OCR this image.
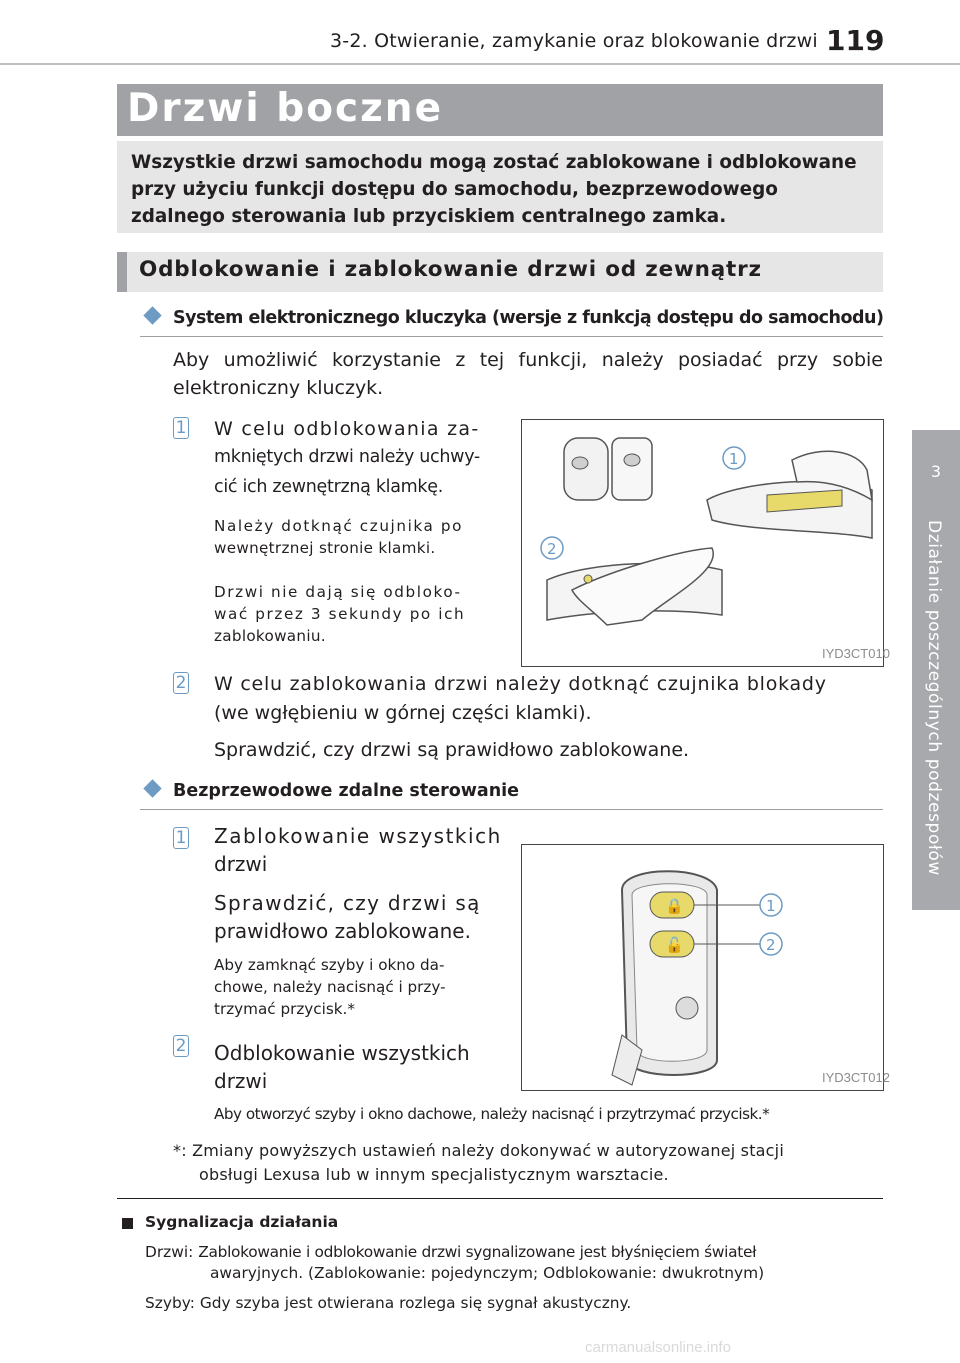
3-2. Otwieranie, zamykanie oraz blokowanie drzwi 119
3
Działanie poszczególnych podzespołów
Drzwi boczne

Wszystkie drzwi samochodu mogą zostać zablokowane i odblokowane przy użyciu funkcji dostępu do samochodu, bezprzewodowego zdalnego sterowania lub przyciskiem centralnego zamka.

Odblokowanie i zablokowanie drzwi od zewnątrz
System elektronicznego kluczyka (wersje z funkcją dostępu do samochodu)
Aby umożliwić korzystanie z tej funkcji, należy posiadać przy sobie elektroniczny kluczyk.
1 W celu odblokowania za-
mkniętych drzwi należy uchwy-
cić ich zewnętrzną klamkę.
Należy dotknąć czujnika po
wewnętrznej stronie klamki.
Drzwi nie dają się odbloko-
wać przez 3 sekundy po ich
zablokowaniu.
1
2
IYD3CT010
2 W celu zablokowania drzwi należy dotknąć czujnika blokady
(we wgłębieniu w górnej części klamki).
Sprawdzić, czy drzwi są prawidłowo zablokowane.
Bezprzewodowe zdalne sterowanie
1 Zablokowanie wszystkich
drzwi
Sprawdzić, czy drzwi są
prawidłowo zablokowane.
Aby zamknąć szyby i okno da-
chowe, należy nacisnąć i przy-
trzymać przycisk.*
2 Odblokowanie wszystkich
drzwi
Aby otworzyć szyby i okno dachowe, należy nacisnąć i przytrzymać przycisk.*
🔒
🔓
1
2
IYD3CT012
*: Zmiany powyższych ustawień należy dokonywać w autoryzowanej stacji
obsługi Lexusa lub w innym specjalistycznym warsztacie.
Sygnalizacja działania
Drzwi: Zablokowanie i odblokowanie drzwi sygnalizowane jest błyśnięciem świateł
awaryjnych. (Zablokowanie: pojedynczym; Odblokowanie: dwukrotnym)
Szyby: Gdy szyba jest otwierana rozlega się sygnał akustyczny.
carmanualsonline.info
